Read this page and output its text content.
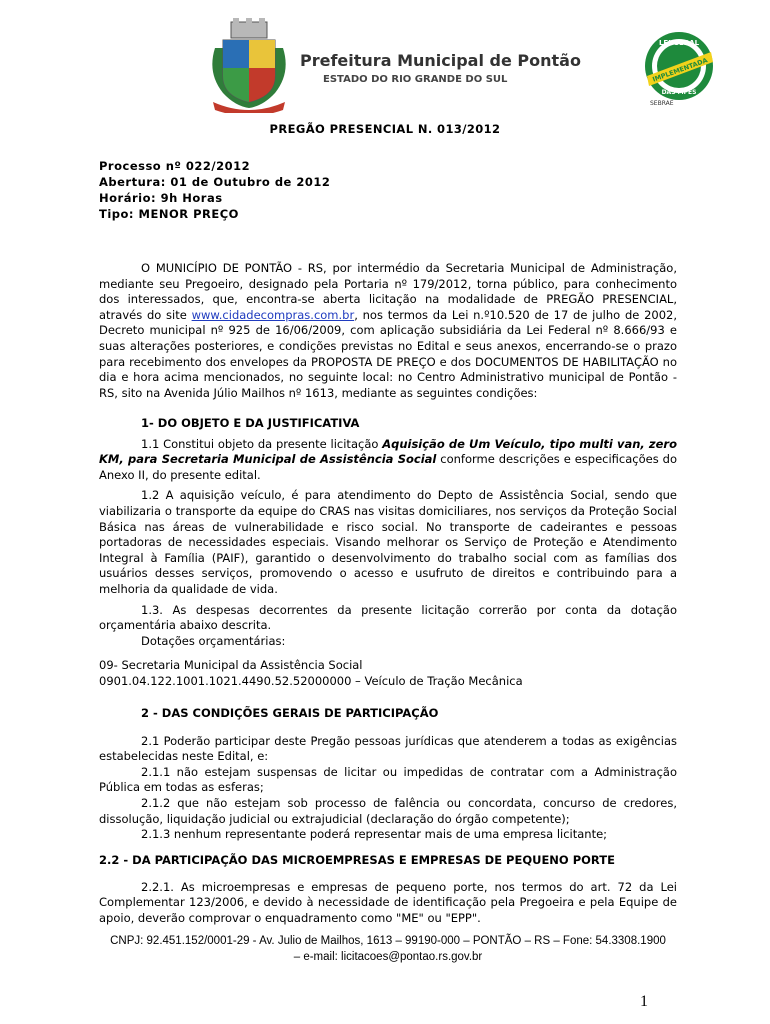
Prefeitura Municipal de Pontão
ESTADO DO RIO GRANDE DO SUL
LEI GERAL
IMPLEMENTADA
DAS MPES
SEBRAE
PREGÃO PRESENCIAL N. 013/2012
Processo nº 022/2012
Abertura: 01 de Outubro de 2012
Horário: 9h Horas
Tipo: MENOR PREÇO

O MUNICÍPIO DE PONTÃO - RS, por intermédio da Secretaria Municipal de Administração, mediante seu Pregoeiro, designado pela Portaria nº 179/2012, torna público, para conhecimento dos interessados, que, encontra-se aberta licitação na modalidade de PREGÃO PRESENCIAL, através do site www.cidadecompras.com.br, nos termos da Lei n.º10.520 de 17 de julho de 2002, Decreto municipal nº 925 de 16/06/2009, com aplicação subsidiária da Lei Federal nº 8.666/93 e suas alterações posteriores, e condições previstas no Edital e seus anexos, encerrando-se o prazo para recebimento dos envelopes da PROPOSTA DE PREÇO e dos DOCUMENTOS DE HABILITAÇÃO no dia e hora acima mencionados, no seguinte local: no Centro Administrativo municipal de Pontão - RS, sito na Avenida Júlio Mailhos nº 1613, mediante as seguintes condições:

1- DO OBJETO E DA JUSTIFICATIVA

1.1 Constitui objeto da presente licitação Aquisição de Um Veículo, tipo multi van, zero KM, para Secretaria Municipal de Assistência Social conforme descrições e especificações do Anexo II, do presente edital.

1.2 A aquisição veículo, é para atendimento do Depto de Assistência Social, sendo que viabilizaria o transporte da equipe do CRAS nas visitas domiciliares, nos serviços da Proteção Social Básica nas áreas de vulnerabilidade e risco social. No transporte de cadeirantes e pessoas portadoras de necessidades especiais. Visando melhorar os Serviço de Proteção e Atendimento Integral à Família (PAIF), garantido o desenvolvimento do trabalho social com as famílias dos usuários desses serviços, promovendo o acesso e usufruto de direitos e contribuindo para a melhoria da qualidade de vida.

1.3. As despesas decorrentes da presente licitação correrão por conta da dotação orçamentária abaixo descrita.

Dotações orçamentárias:

09- Secretaria Municipal da Assistência Social

0901.04.122.1001.1021.4490.52.52000000 – Veículo de Tração Mecânica

2 - DAS CONDIÇÕES GERAIS DE PARTICIPAÇÃO

2.1 Poderão participar deste Pregão pessoas jurídicas que atenderem a todas as exigências estabelecidas neste Edital, e:

2.1.1 não estejam suspensas de licitar ou impedidas de contratar com a Administração Pública em todas as esferas;

2.1.2 que não estejam sob processo de falência ou concordata, concurso de credores, dissolução, liquidação judicial ou extrajudicial (declaração do órgão competente);

2.1.3 nenhum representante poderá representar mais de uma empresa licitante;

2.2 - DA PARTICIPAÇÃO DAS MICROEMPRESAS E EMPRESAS DE PEQUENO PORTE

2.2.1. As microempresas e empresas de pequeno porte, nos termos do art. 72 da Lei Complementar 123/2006, e devido à necessidade de identificação pela Pregoeira e pela Equipe de apoio, deverão comprovar o enquadramento como "ME" ou "EPP".

CNPJ: 92.451.152/0001-29 - Av. Julio de Mailhos, 1613 – 99190-000 – PONTÃO – RS – Fone: 54.3308.1900
– e-mail: licitacoes@pontao.rs.gov.br
1
